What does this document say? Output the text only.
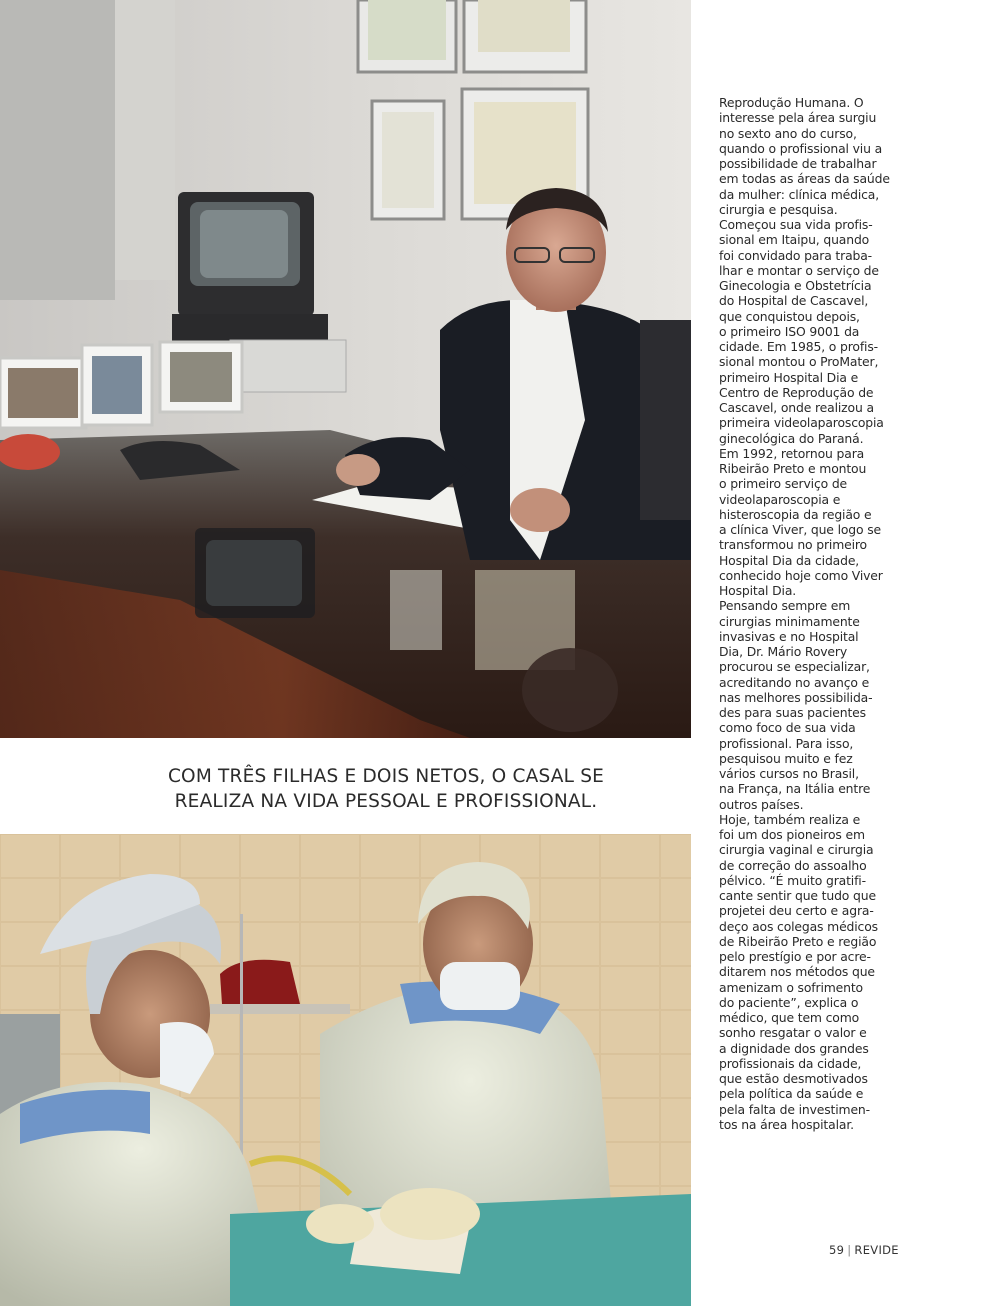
COM TRÊS FILHAS E DOIS NETOS, O CASAL SE
REALIZA NA VIDA PESSOAL E PROFISSIONAL.
Reprodução Humana. O
interesse pela área surgiu
no sexto ano do curso,
quando o profissional viu a
possibilidade de trabalhar
em todas as áreas da saúde
da mulher: clínica médica,
cirurgia e pesquisa.
Começou sua vida profis-
sional em Itaipu, quando
foi convidado para traba-
lhar e montar o serviço de
Ginecologia e Obstetrícia
do Hospital de Cascavel,
que conquistou depois,
o primeiro ISO 9001 da
cidade. Em 1985, o profis-
sional montou o ProMater,
primeiro Hospital Dia e
Centro de Reprodução de
Cascavel, onde realizou a
primeira videolaparoscopia
ginecológica do Paraná.
Em 1992, retornou para
Ribeirão Preto e montou
o primeiro serviço de
videolaparoscopia e
histeroscopia da região e
a clínica Viver, que logo se
transformou no primeiro
Hospital Dia da cidade,
conhecido hoje como Viver
Hospital Dia.
Pensando sempre em
cirurgias minimamente
invasivas e no Hospital
Dia, Dr. Mário Rovery
procurou se especializar,
acreditando no avanço e
nas melhores possibilida-
des para suas pacientes
como foco de sua vida
profissional. Para isso,
pesquisou muito e fez
vários cursos no Brasil,
na França, na Itália entre
outros países.
Hoje, também realiza e
foi um dos pioneiros em
cirurgia vaginal e cirurgia
de correção do assoalho
pélvico. “É muito gratifi-
cante sentir que tudo que
projetei deu certo e agra-
deço aos colegas médicos
de Ribeirão Preto e região
pelo prestígio e por acre-
ditarem nos métodos que
amenizam o sofrimento
do paciente”, explica o
médico, que tem como
sonho resgatar o valor e
a dignidade dos grandes
profissionais da cidade,
que estão desmotivados
pela política da saúde e
pela falta de investimen-
tos na área hospitalar.
59 | REVIDE
